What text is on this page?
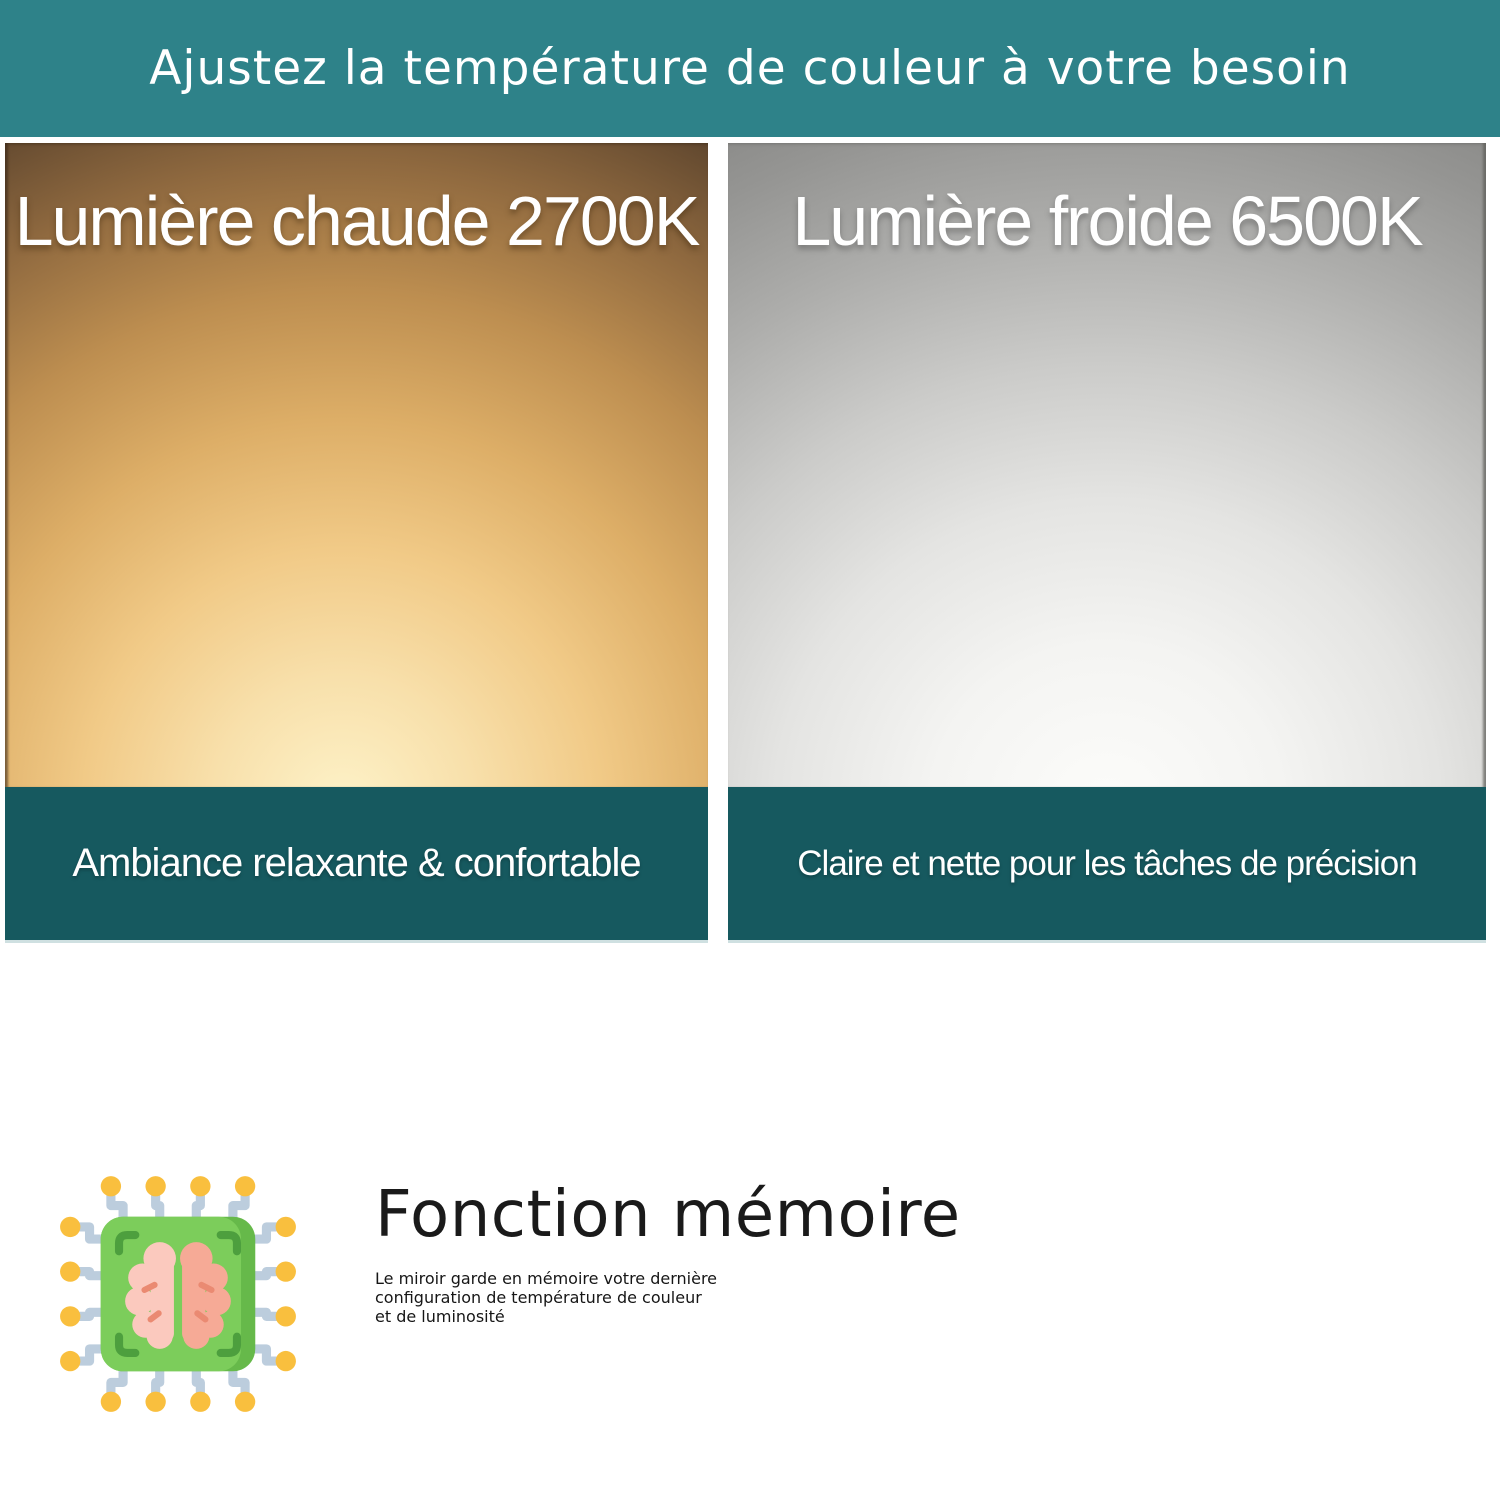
Ajustez la température de couleur à votre besoin
Lumière chaude 2700K	Lumière froide 6500K
Ambiance relaxante & confortable	Claire et nette pour les tâches de précision
Fonction mémoire

Le miroir garde en mémoire votre dernière
configuration de température de couleur
et de luminosité
